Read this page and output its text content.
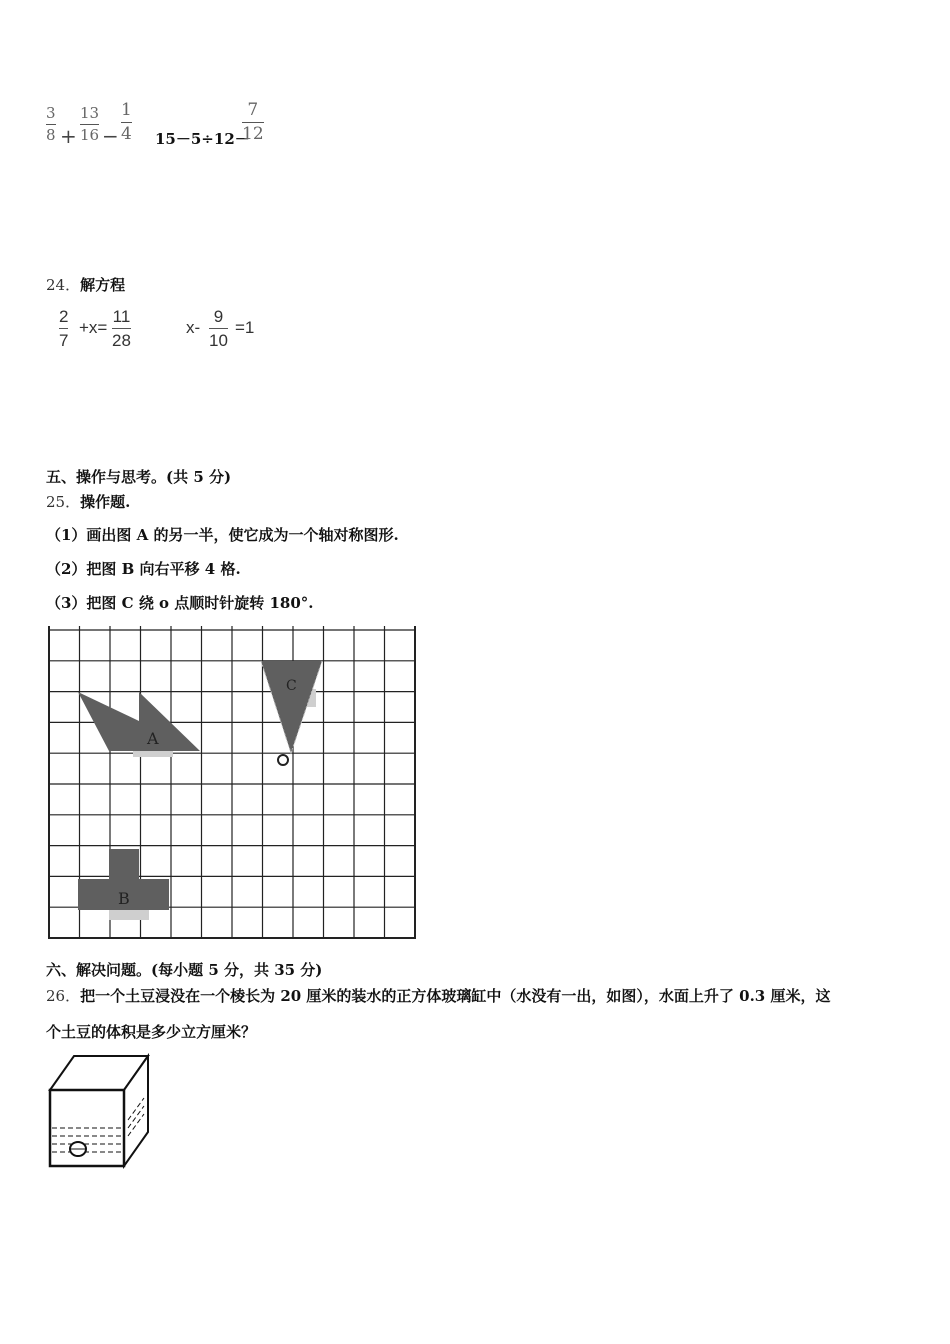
3
8 +
13
16 −
1
4 15－5÷12－
7
12
24．解方程
2
7
+x=
11
28
x-
9
10
=1
五、操作与思考。(共 5 分)
25．操作题.
（1）画出图 A 的另一半，使它成为一个轴对称图形.
（2）把图 B 向右平移 4 格.
（3）把图 C 绕 o 点顺时针旋转 180°.
A
C
B
六、解决问题。(每小题 5 分，共 35 分)
26．把一个土豆浸没在一个棱长为 20 厘米的装水的正方体玻璃缸中（水没有一出，如图），水面上升了 0.3 厘米，这
个土豆的体积是多少立方厘米？
